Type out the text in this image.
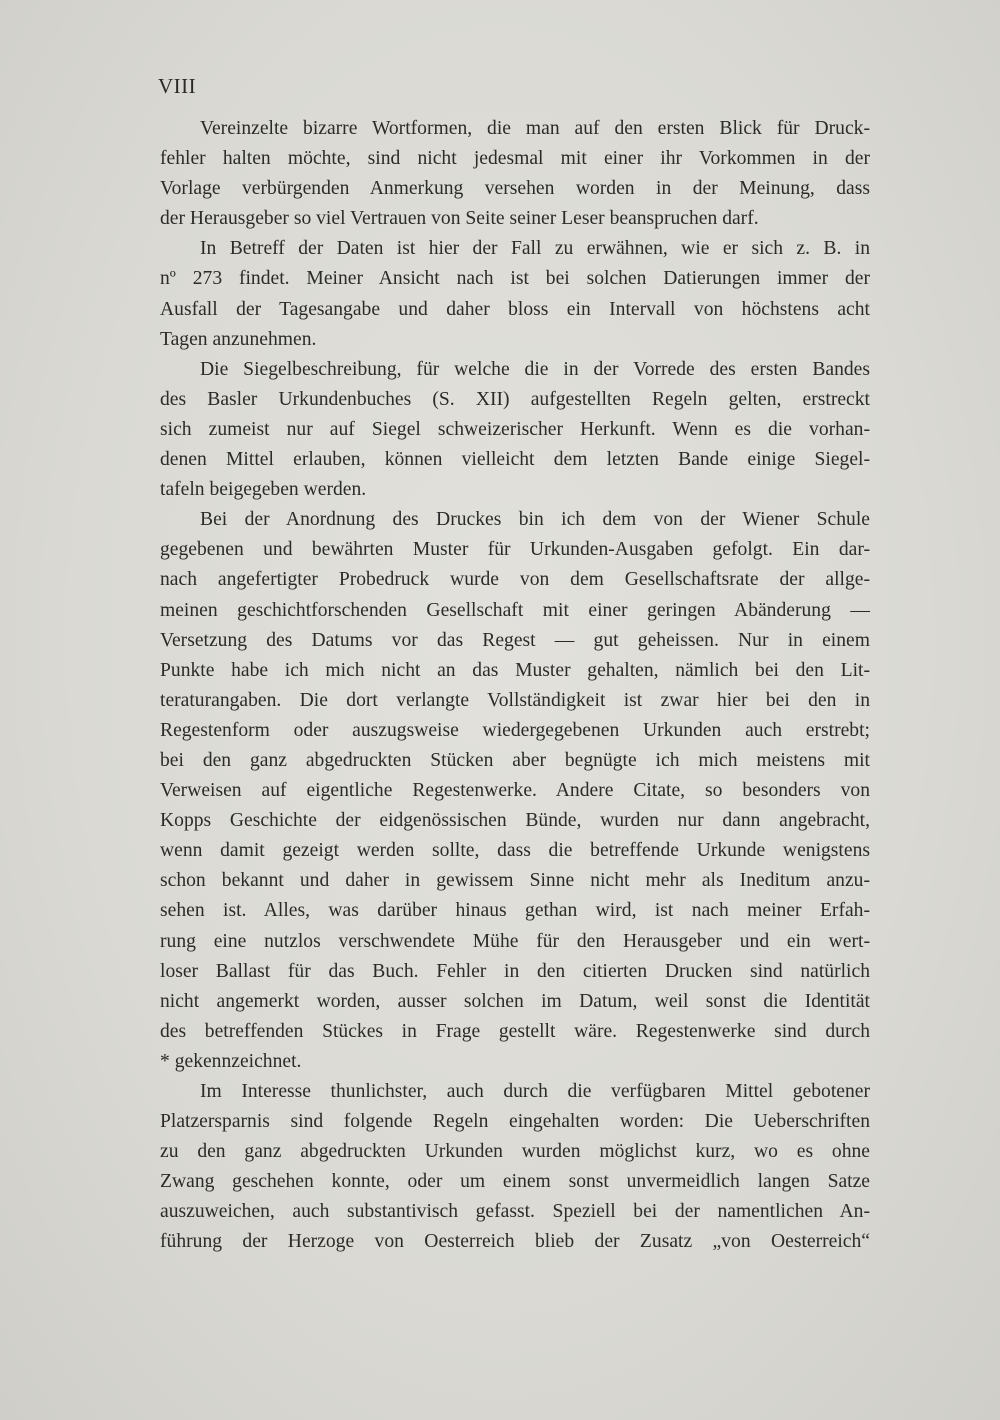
VIII
Vereinzelte bizarre Wortformen, die man auf den ersten Blick für Druck-
fehler halten möchte, sind nicht jedesmal mit einer ihr Vorkommen in der
Vorlage verbürgenden Anmerkung versehen worden in der Meinung, dass
der Herausgeber so viel Vertrauen von Seite seiner Leser beanspruchen darf.
In Betreff der Daten ist hier der Fall zu erwähnen, wie er sich z. B. in
nº 273 findet. Meiner Ansicht nach ist bei solchen Datierungen immer der
Ausfall der Tagesangabe und daher bloss ein Intervall von höchstens acht
Tagen anzunehmen.
Die Siegelbeschreibung, für welche die in der Vorrede des ersten Bandes
des Basler Urkundenbuches (S. XII) aufgestellten Regeln gelten, erstreckt
sich zumeist nur auf Siegel schweizerischer Herkunft. Wenn es die vorhan-
denen Mittel erlauben, können vielleicht dem letzten Bande einige Siegel-
tafeln beigegeben werden.
Bei der Anordnung des Druckes bin ich dem von der Wiener Schule
gegebenen und bewährten Muster für Urkunden-Ausgaben gefolgt. Ein dar-
nach angefertigter Probedruck wurde von dem Gesellschaftsrate der allge-
meinen geschichtforschenden Gesellschaft mit einer geringen Abänderung —
Versetzung des Datums vor das Regest — gut geheissen. Nur in einem
Punkte habe ich mich nicht an das Muster gehalten, nämlich bei den Lit-
teraturangaben. Die dort verlangte Vollständigkeit ist zwar hier bei den in
Regestenform oder auszugsweise wiedergegebenen Urkunden auch erstrebt;
bei den ganz abgedruckten Stücken aber begnügte ich mich meistens mit
Verweisen auf eigentliche Regestenwerke. Andere Citate, so besonders von
Kopps Geschichte der eidgenössischen Bünde, wurden nur dann angebracht,
wenn damit gezeigt werden sollte, dass die betreffende Urkunde wenigstens
schon bekannt und daher in gewissem Sinne nicht mehr als Ineditum anzu-
sehen ist. Alles, was darüber hinaus gethan wird, ist nach meiner Erfah-
rung eine nutzlos verschwendete Mühe für den Herausgeber und ein wert-
loser Ballast für das Buch. Fehler in den citierten Drucken sind natürlich
nicht angemerkt worden, ausser solchen im Datum, weil sonst die Identität
des betreffenden Stückes in Frage gestellt wäre. Regestenwerke sind durch
* gekennzeichnet.
Im Interesse thunlichster, auch durch die verfügbaren Mittel gebotener
Platzersparnis sind folgende Regeln eingehalten worden: Die Ueberschriften
zu den ganz abgedruckten Urkunden wurden möglichst kurz, wo es ohne
Zwang geschehen konnte, oder um einem sonst unvermeidlich langen Satze
auszuweichen, auch substantivisch gefasst. Speziell bei der namentlichen An-
führung der Herzoge von Oesterreich blieb der Zusatz „von Oesterreich“
